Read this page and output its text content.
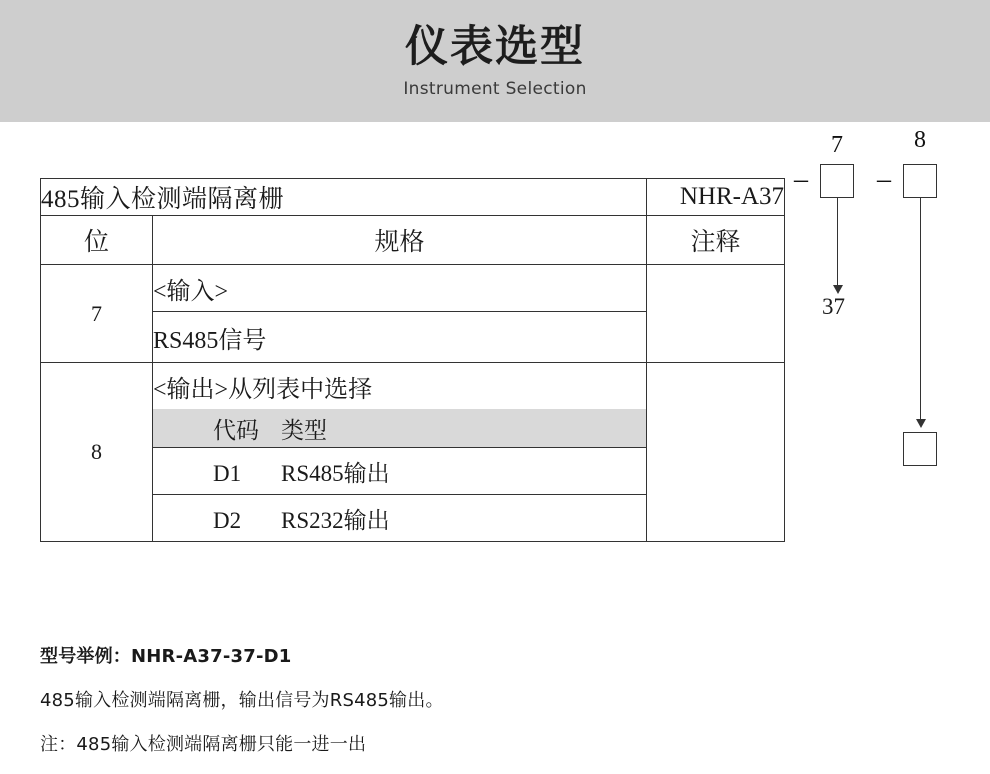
仪表选型
Instrument Selection
485输入检测端隔离栅		NHR-A37
位	规格	注释
7	<输入>	
	RS485信号	
8	<输出>从列表中选择	
	代码 类型	
	D1 RS485输出	
	D2 RS232输出	
7	8
– –
37
型号举例：NHR-A37-37-D1
485输入检测端隔离栅，输出信号为RS485输出。
注：485输入检测端隔离栅只能一进一出
